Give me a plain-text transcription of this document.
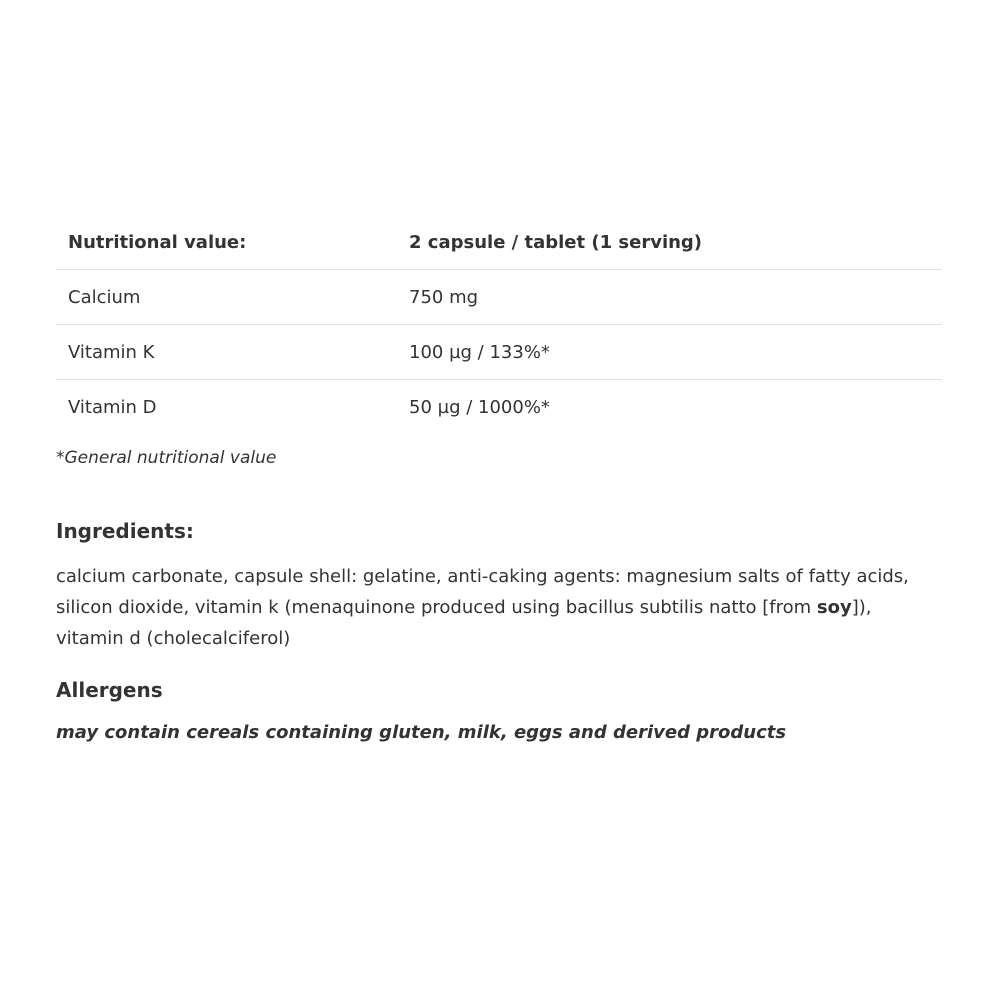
Nutritional value:	2 capsule / tablet (1 serving)
Calcium	750 mg
Vitamin K	100 µg / 133%*
Vitamin D	50 µg / 1000%*
*General nutritional value
Ingredients:

calcium carbonate, capsule shell: gelatine, anti-caking agents: magnesium salts of fatty acids, silicon dioxide, vitamin k (menaquinone produced using bacillus subtilis natto [from soy]), vitamin d (cholecalciferol)

Allergens
may contain cereals containing gluten, milk, eggs and derived products
